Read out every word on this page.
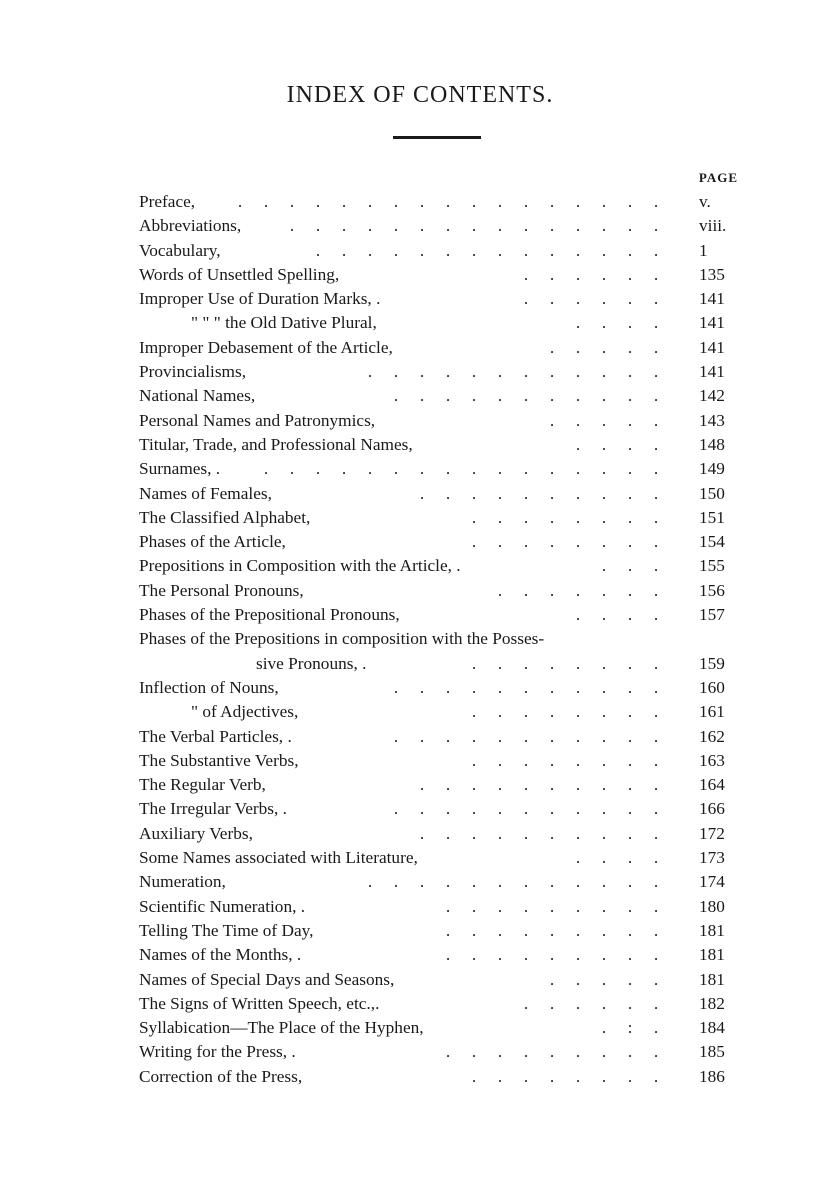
INDEX OF CONTENTS.
PAGE
Preface,	. . . . . . . . . . . . . . . . .	v.
Abbreviations,	. . . . . . . . . . . . . . .	viii.
Vocabulary,	. . . . . . . . . . . . . .	1
Words of Unsettled Spelling,	. . . . . .	135
Improper Use of Duration Marks, .	. . . . . .	141
" " " the Old Dative Plural,	. . . .	141
Improper Debasement of the Article,	. . . . .	141
Provincialisms,	. . . . . . . . . . . .	141
National Names,	. . . . . . . . . . .	142
Personal Names and Patronymics,	. . . . .	143
Titular, Trade, and Professional Names,	. . . .	148
Surnames, .	. . . . . . . . . . . . . . . .	149
Names of Females,	. . . . . . . . . .	150
The Classified Alphabet,	. . . . . . . .	151
Phases of the Article,	. . . . . . . .	154
Prepositions in Composition with the Article, .	. . .	155
The Personal Pronouns,	. . . . . . .	156
Phases of the Prepositional Pronouns,	. . . .	157
Phases of the Prepositions in composition with the Posses-
sive Pronouns, .	. . . . . . . .	159
Inflection of Nouns,	. . . . . . . . . . .	160
" of Adjectives,	. . . . . . . .	161
The Verbal Particles, .	. . . . . . . . . . .	162
The Substantive Verbs,	. . . . . . . .	163
The Regular Verb,	. . . . . . . . . .	164
The Irregular Verbs, .	. . . . . . . . . . .	166
Auxiliary Verbs,	. . . . . . . . . .	172
Some Names associated with Literature,	. . . .	173
Numeration,	. . . . . . . . . . . .	174
Scientific Numeration, .	. . . . . . . . .	180
Telling The Time of Day,	. . . . . . . . .	181
Names of the Months, .	. . . . . . . . .	181
Names of Special Days and Seasons,	. . . . .	181
The Signs of Written Speech, etc.,.	. . . . . .	182
Syllabication—The Place of the Hyphen,	. : .	184
Writing for the Press, .	. . . . . . . . .	185
Correction of the Press,	. . . . . . . .	186
